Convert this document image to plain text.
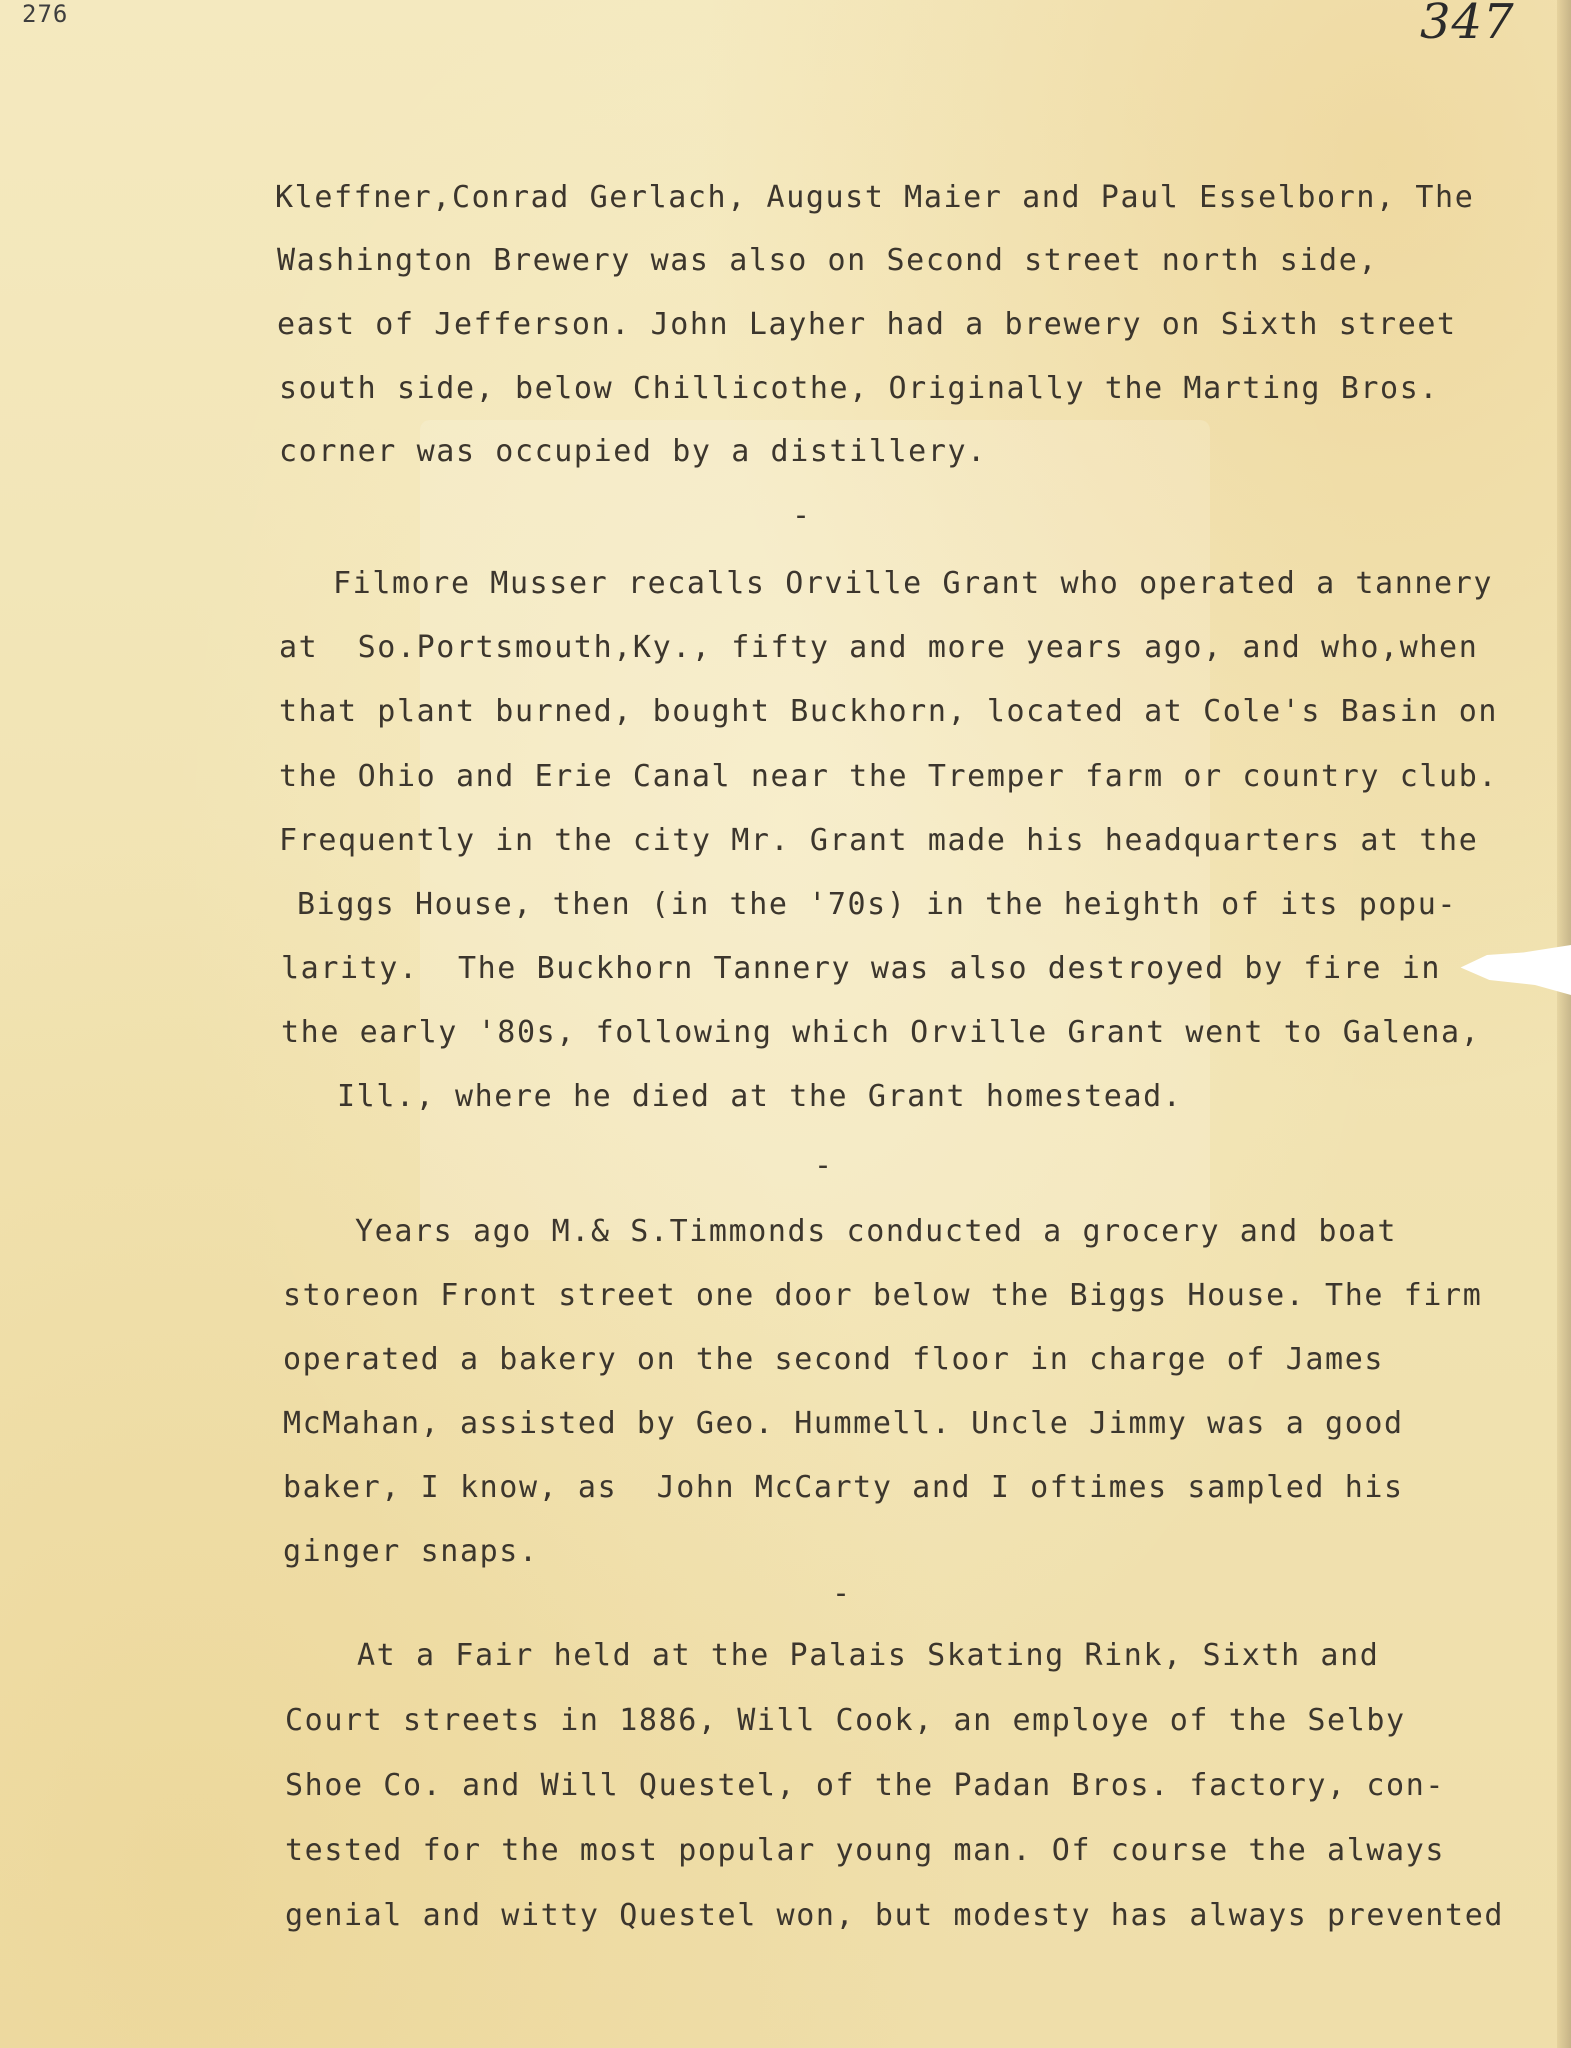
276	347
Kleffner,Conrad Gerlach, August Maier and Paul Esselborn, The
Washington Brewery was also on Second street north side,
east of Jefferson. John Layher had a brewery on Sixth street
south side, below Chillicothe, Originally the Marting Bros.
corner was occupied by a distillery.
-
Filmore Musser recalls Orville Grant who operated a tannery
at  So.Portsmouth,Ky., fifty and more years ago, and who,when
that plant burned, bought Buckhorn, located at Cole's Basin on
the Ohio and Erie Canal near the Tremper farm or country club.
Frequently in the city Mr. Grant made his headquarters at the
Biggs House, then (in the '70s) in the heighth of its popu-
larity.  The Buckhorn Tannery was also destroyed by fire in
the early '80s, following which Orville Grant went to Galena,
Ill., where he died at the Grant homestead.
-
Years ago M.& S.Timmonds conducted a grocery and boat
storeon Front street one door below the Biggs House. The firm
operated a bakery on the second floor in charge of James
McMahan, assisted by Geo. Hummell. Uncle Jimmy was a good
baker, I know, as  John McCarty and I oftimes sampled his
ginger snaps.
-
At a Fair held at the Palais Skating Rink, Sixth and
Court streets in 1886, Will Cook, an employe of the Selby
Shoe Co. and Will Questel, of the Padan Bros. factory, con-
tested for the most popular young man. Of course the always
genial and witty Questel won, but modesty has always prevented
